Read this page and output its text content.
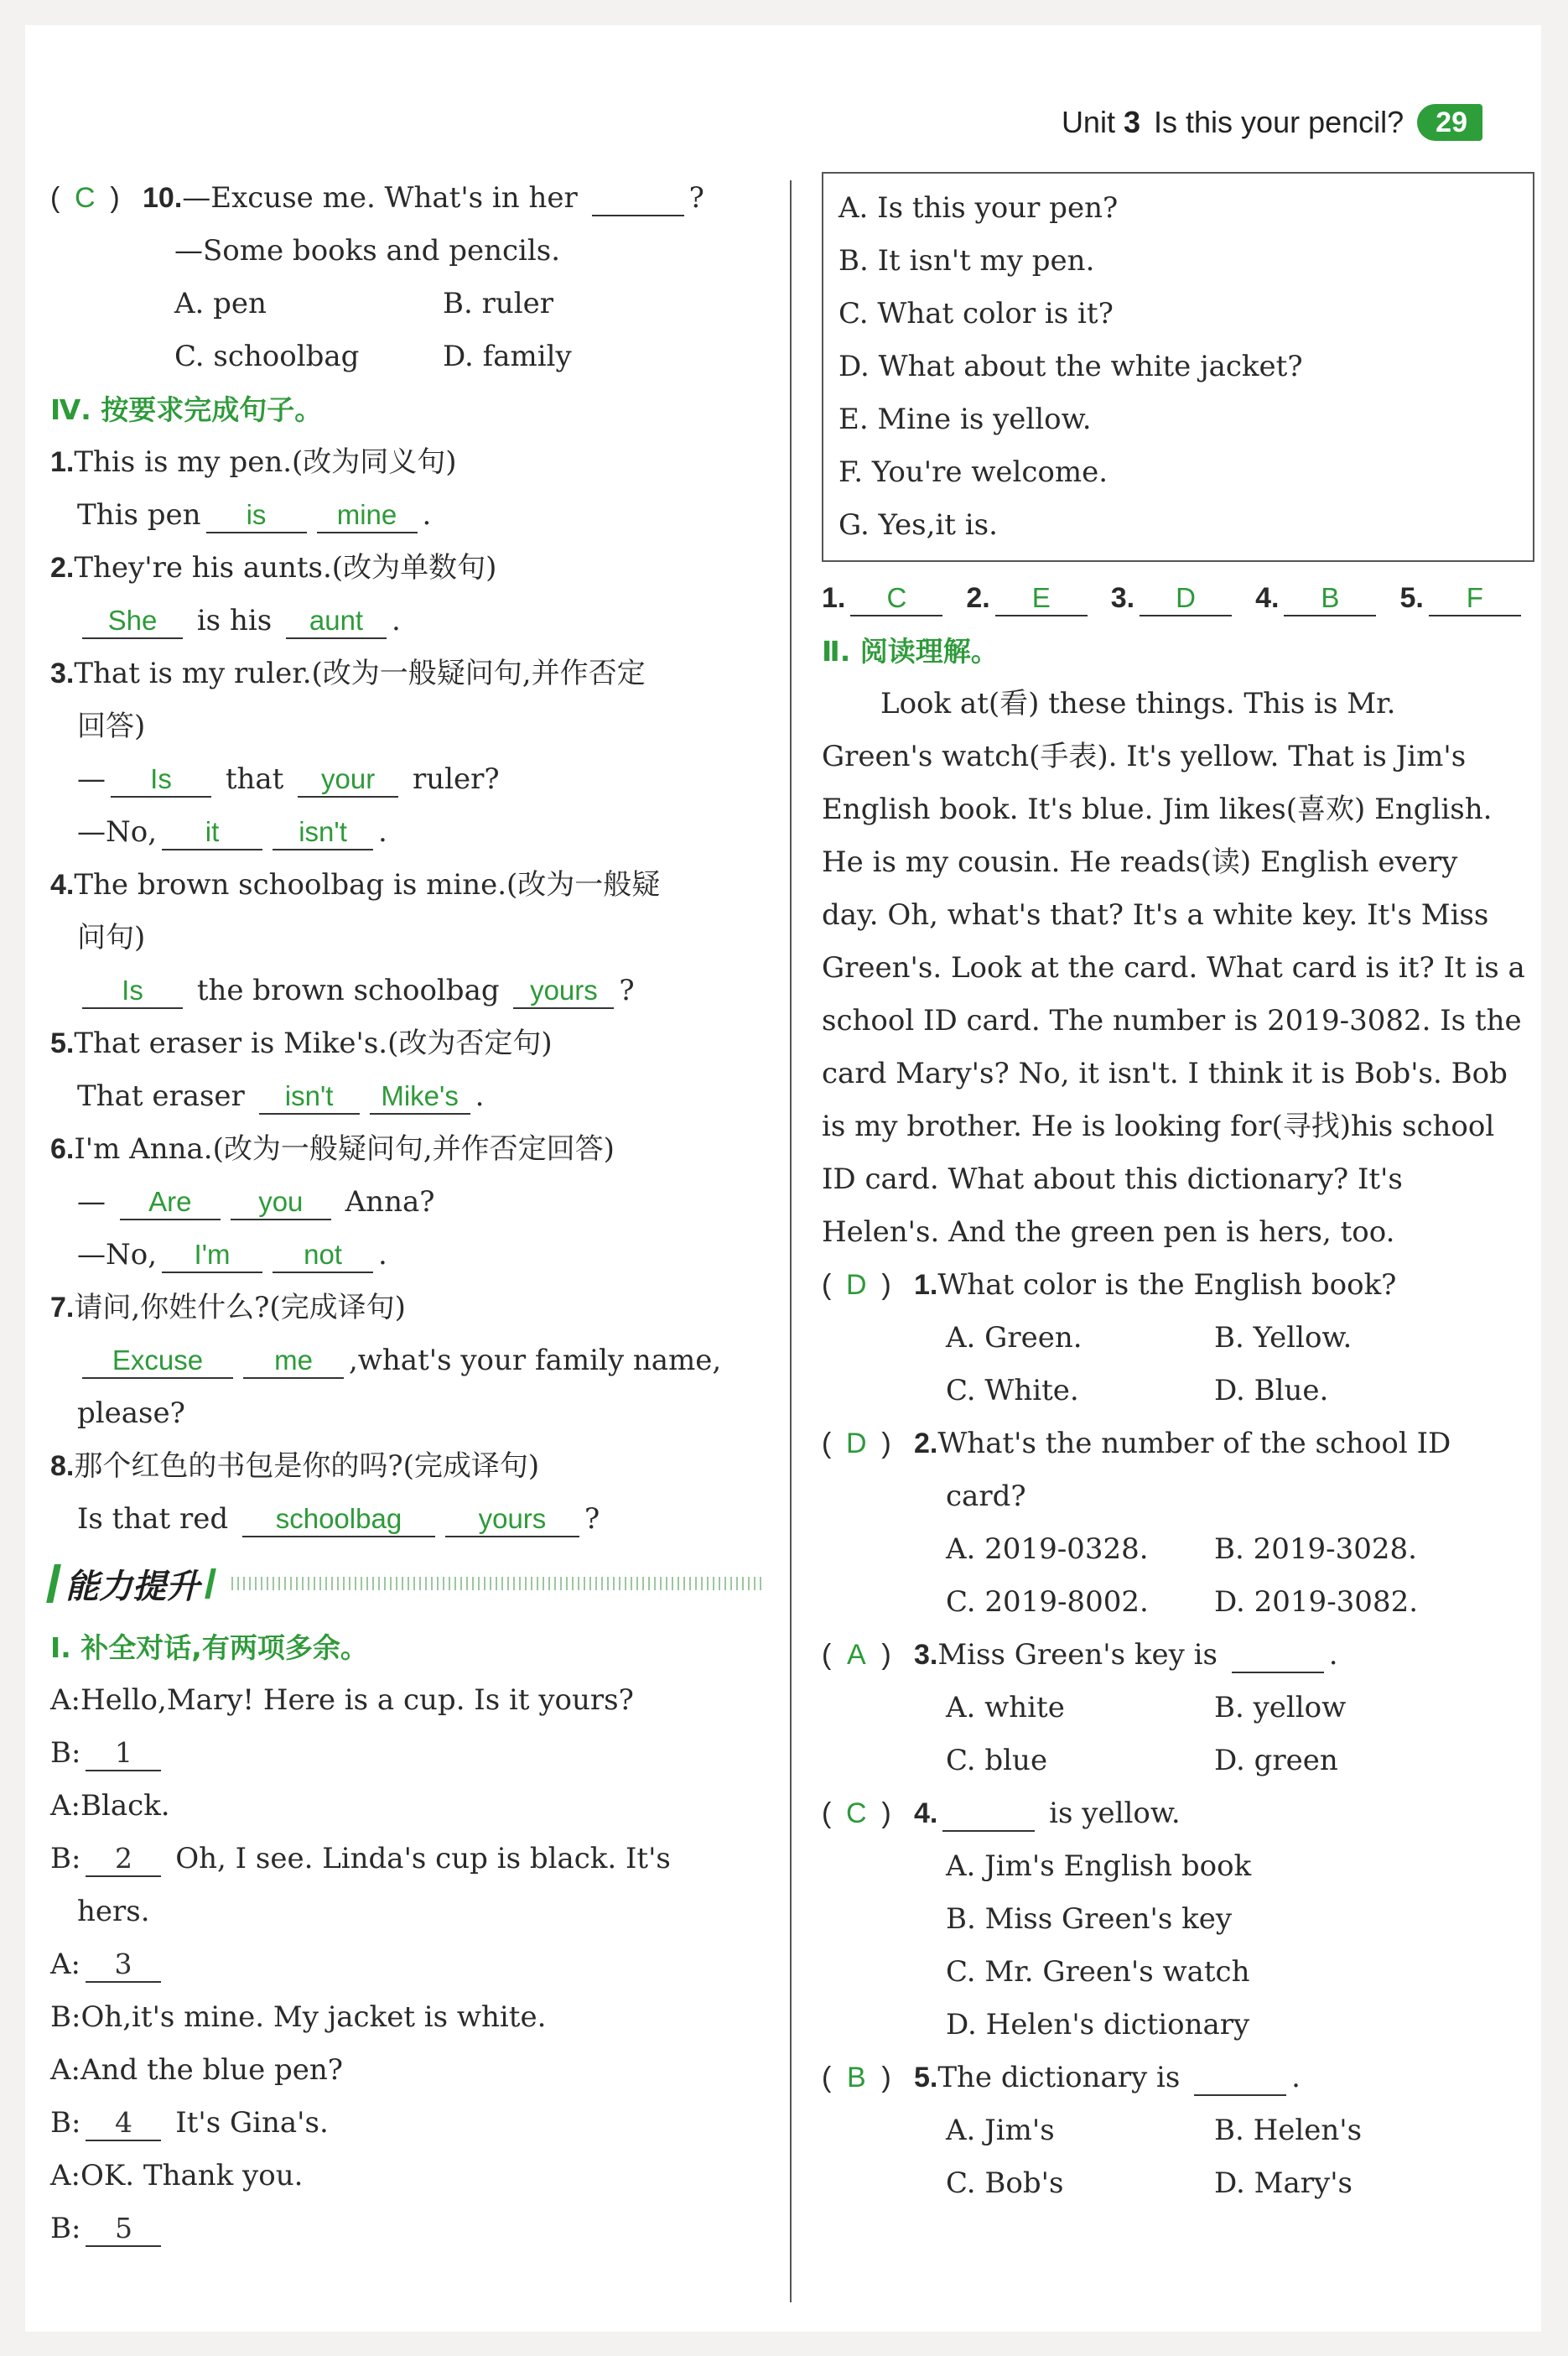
Unit 3 Is this your pencil?	29
( C ) 10.—Excuse me. What's in her	?
—Some books and pencils.
A. pen	B. ruler
C. schoolbag	D. family
Ⅳ. 按要求完成句子。
1.This is my pen.(改为同义句)
This pen is	mine .
2.They're his aunts.(改为单数句)
She is his aunt .
3.That is my ruler.(改为一般疑问句,并作否定
回答)
— Is that your ruler?
—No, it	isn't .
4.The brown schoolbag is mine.(改为一般疑
问句)
Is the brown schoolbag yours ?
5.That eraser is Mike's.(改为否定句)
That eraser isn't Mike's .
6.I'm Anna.(改为一般疑问句,并作否定回答)
— Are you Anna?
—No, I'm	not .
7.请问,你姓什么?(完成译句)
Excuse	me ,what's your family name,
please?
8.那个红色的书包是你的吗?(完成译句)
Is that red schoolbag	yours ?
能力提升
Ⅰ. 补全对话,有两项多余。
A:Hello,Mary! Here is a cup. Is it yours?
B: 1
A:Black.
B: 2 Oh, I see. Linda's cup is black. It's
hers.
A: 3
B:Oh,it's mine. My jacket is white.
A:And the blue pen?
B: 4 It's Gina's.
A:OK. Thank you.
B: 5
A. Is this your pen?
B. It isn't my pen.
C. What color is it?
D. What about the white jacket?
E. Mine is yellow.
F. You're welcome.
G. Yes,it is.
1. C	2. E	3. D	4. B	5. F
Ⅱ. 阅读理解。
Look at(看) these things. This is Mr.
Green's watch(手表). It's yellow. That is Jim's
English book. It's blue. Jim likes(喜欢) English.
He is my cousin. He reads(读) English every
day. Oh, what's that? It's a white key. It's Miss
Green's. Look at the card. What card is it? It is a
school ID card. The number is 2019-3082. Is the
card Mary's? No, it isn't. I think it is Bob's. Bob
is my brother. He is looking for(寻找)his school
ID card. What about this dictionary? It's
Helen's. And the green pen is hers, too.
( D ) 1.What color is the English book?
A. Green.	B. Yellow.
C. White.	D. Blue.
( D ) 2.What's the number of the school ID
card?
A. 2019-0328. B. 2019-3028.
C. 2019-8002. D. 2019-3082.
( A ) 3.Miss Green's key is	.
A. white	B. yellow
C. blue	D. green
( C ) 4.	is yellow.
A. Jim's English book
B. Miss Green's key
C. Mr. Green's watch
D. Helen's dictionary
( B ) 5.The dictionary is	.
A. Jim's	B. Helen's
C. Bob's	D. Mary's
